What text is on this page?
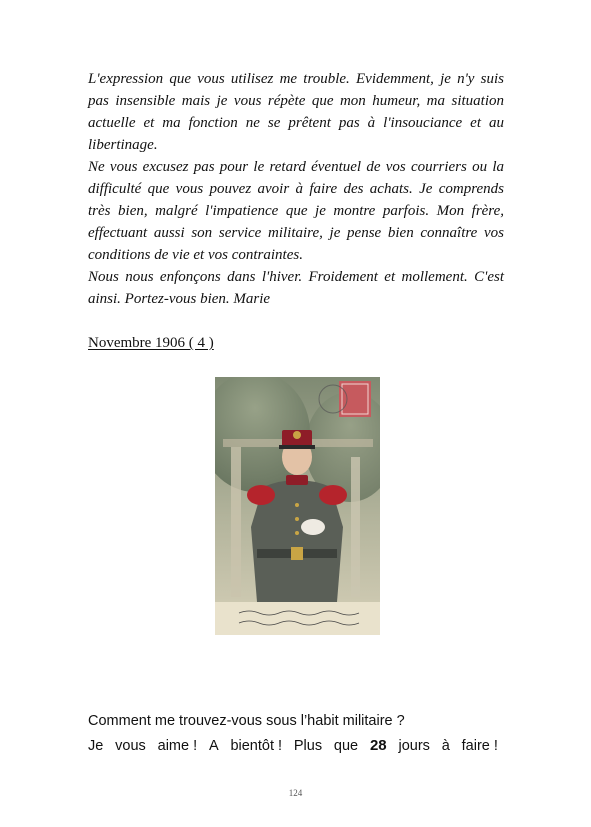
L'expression que vous utilisez me trouble. Evidemment, je n'y suis pas insensible mais je vous répète que mon humeur, ma situation actuelle et ma fonction ne se prêtent pas à l'insouciance et au libertinage.

Ne vous excusez pas pour le retard éventuel de vos courriers ou la difficulté que vous pouvez avoir à faire des achats. Je comprends très bien, malgré l'impatience que je montre parfois. Mon frère, effectuant aussi son service militaire, je pense bien connaître vos conditions de vie et vos contraintes.

Nous nous enfonçons dans l'hiver. Froidement et mollement. C'est ainsi. Portez-vous bien. Marie

Novembre 1906 ( 4 )
Comment me trouvez-vous sous l’habit militaire ?
Je vous aime ! A bientôt ! Plus que 28 jours à faire !
124
